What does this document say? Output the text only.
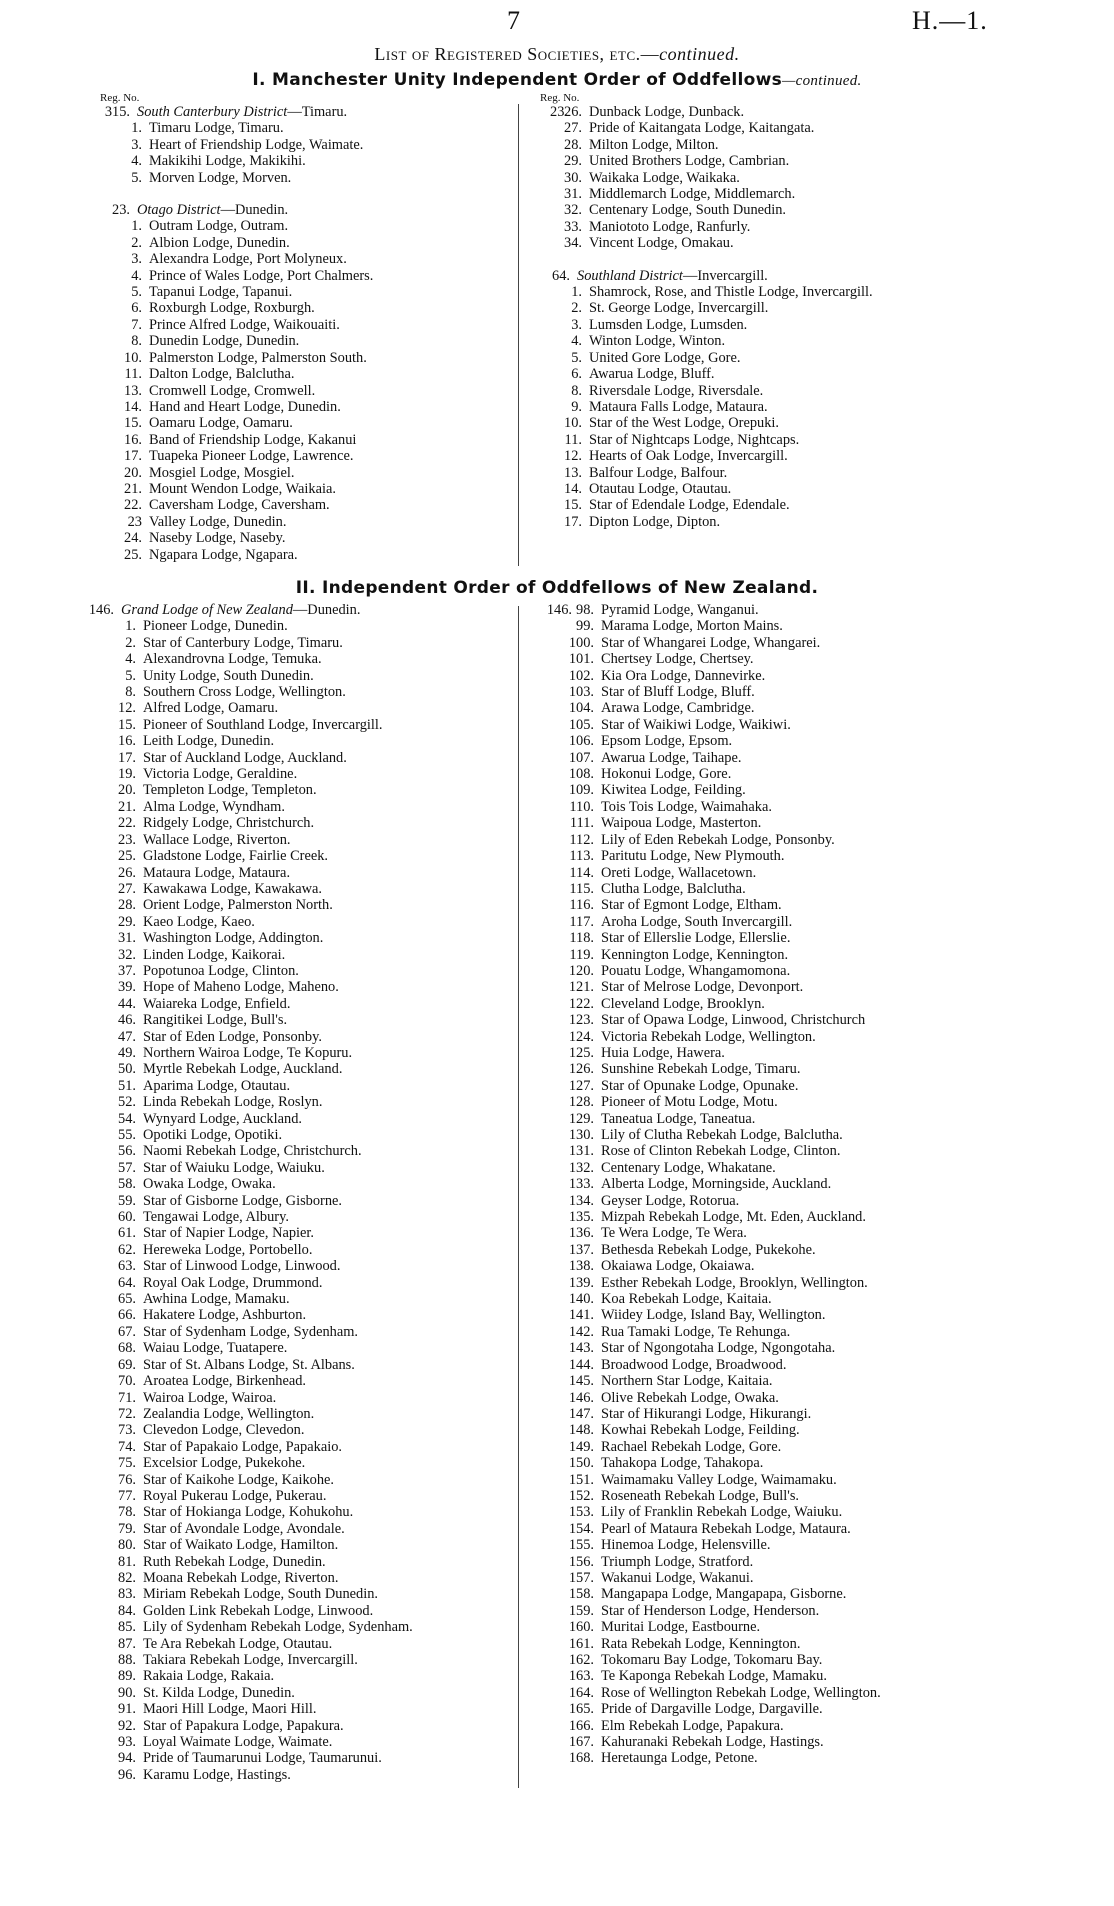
7	H.—1.
List of Registered Societies, etc.—continued.
I. Manchester Unity Independent Order of Oddfellows—continued.
Reg. No.
315. South Canterbury District—Timaru.
1. Timaru Lodge, Timaru.
3. Heart of Friendship Lodge, Waimate.
4. Makikihi Lodge, Makikihi.
5. Morven Lodge, Morven.
23. Otago District—Dunedin.
1. Outram Lodge, Outram.
2. Albion Lodge, Dunedin.
3. Alexandra Lodge, Port Molyneux.
4. Prince of Wales Lodge, Port Chalmers.
5. Tapanui Lodge, Tapanui.
6. Roxburgh Lodge, Roxburgh.
7. Prince Alfred Lodge, Waikouaiti.
8. Dunedin Lodge, Dunedin.
10. Palmerston Lodge, Palmerston South.
11. Dalton Lodge, Balclutha.
13. Cromwell Lodge, Cromwell.
14. Hand and Heart Lodge, Dunedin.
15. Oamaru Lodge, Oamaru.
16. Band of Friendship Lodge, Kakanui
17. Tuapeka Pioneer Lodge, Lawrence.
20. Mosgiel Lodge, Mosgiel.
21. Mount Wendon Lodge, Waikaia.
22. Caversham Lodge, Caversham.
23 Valley Lodge, Dunedin.
24. Naseby Lodge, Naseby.
25. Ngapara Lodge, Ngapara.
Reg. No.
23.
26. Dunback Lodge, Dunback.
27. Pride of Kaitangata Lodge, Kaitangata.
28. Milton Lodge, Milton.
29. United Brothers Lodge, Cambrian.
30. Waikaka Lodge, Waikaka.
31. Middlemarch Lodge, Middlemarch.
32. Centenary Lodge, South Dunedin.
33. Maniototo Lodge, Ranfurly.
34. Vincent Lodge, Omakau.
64. Southland District—Invercargill.
1. Shamrock, Rose, and Thistle Lodge, Invercargill.
2. St. George Lodge, Invercargill.
3. Lumsden Lodge, Lumsden.
4. Winton Lodge, Winton.
5. United Gore Lodge, Gore.
6. Awarua Lodge, Bluff.
8. Riversdale Lodge, Riversdale.
9. Mataura Falls Lodge, Mataura.
10. Star of the West Lodge, Orepuki.
11. Star of Nightcaps Lodge, Nightcaps.
12. Hearts of Oak Lodge, Invercargill.
13. Balfour Lodge, Balfour.
14. Otautau Lodge, Otautau.
15. Star of Edendale Lodge, Edendale.
17. Dipton Lodge, Dipton.
II. Independent Order of Oddfellows of New Zealand.
146. Grand Lodge of New Zealand—Dunedin.
1. Pioneer Lodge, Dunedin.
2. Star of Canterbury Lodge, Timaru.
4. Alexandrovna Lodge, Temuka.
5. Unity Lodge, South Dunedin.
8. Southern Cross Lodge, Wellington.
12. Alfred Lodge, Oamaru.
15. Pioneer of Southland Lodge, Invercargill.
16. Leith Lodge, Dunedin.
17. Star of Auckland Lodge, Auckland.
19. Victoria Lodge, Geraldine.
20. Templeton Lodge, Templeton.
21. Alma Lodge, Wyndham.
22. Ridgely Lodge, Christchurch.
23. Wallace Lodge, Riverton.
25. Gladstone Lodge, Fairlie Creek.
26. Mataura Lodge, Mataura.
27. Kawakawa Lodge, Kawakawa.
28. Orient Lodge, Palmerston North.
29. Kaeo Lodge, Kaeo.
31. Washington Lodge, Addington.
32. Linden Lodge, Kaikorai.
37. Popotunoa Lodge, Clinton.
39. Hope of Maheno Lodge, Maheno.
44. Waiareka Lodge, Enfield.
46. Rangitikei Lodge, Bull's.
47. Star of Eden Lodge, Ponsonby.
49. Northern Wairoa Lodge, Te Kopuru.
50. Myrtle Rebekah Lodge, Auckland.
51. Aparima Lodge, Otautau.
52. Linda Rebekah Lodge, Roslyn.
54. Wynyard Lodge, Auckland.
55. Opotiki Lodge, Opotiki.
56. Naomi Rebekah Lodge, Christchurch.
57. Star of Waiuku Lodge, Waiuku.
58. Owaka Lodge, Owaka.
59. Star of Gisborne Lodge, Gisborne.
60. Tengawai Lodge, Albury.
61. Star of Napier Lodge, Napier.
62. Hereweka Lodge, Portobello.
63. Star of Linwood Lodge, Linwood.
64. Royal Oak Lodge, Drummond.
65. Awhina Lodge, Mamaku.
66. Hakatere Lodge, Ashburton.
67. Star of Sydenham Lodge, Sydenham.
68. Waiau Lodge, Tuatapere.
69. Star of St. Albans Lodge, St. Albans.
70. Aroatea Lodge, Birkenhead.
71. Wairoa Lodge, Wairoa.
72. Zealandia Lodge, Wellington.
73. Clevedon Lodge, Clevedon.
74. Star of Papakaio Lodge, Papakaio.
75. Excelsior Lodge, Pukekohe.
76. Star of Kaikohe Lodge, Kaikohe.
77. Royal Pukerau Lodge, Pukerau.
78. Star of Hokianga Lodge, Kohukohu.
79. Star of Avondale Lodge, Avondale.
80. Star of Waikato Lodge, Hamilton.
81. Ruth Rebekah Lodge, Dunedin.
82. Moana Rebekah Lodge, Riverton.
83. Miriam Rebekah Lodge, South Dunedin.
84. Golden Link Rebekah Lodge, Linwood.
85. Lily of Sydenham Rebekah Lodge, Sydenham.
87. Te Ara Rebekah Lodge, Otautau.
88. Takiara Rebekah Lodge, Invercargill.
89. Rakaia Lodge, Rakaia.
90. St. Kilda Lodge, Dunedin.
91. Maori Hill Lodge, Maori Hill.
92. Star of Papakura Lodge, Papakura.
93. Loyal Waimate Lodge, Waimate.
94. Pride of Taumarunui Lodge, Taumarunui.
96. Karamu Lodge, Hastings.
146. 98. Pyramid Lodge, Wanganui.
99. Marama Lodge, Morton Mains.
100. Star of Whangarei Lodge, Whangarei.
101. Chertsey Lodge, Chertsey.
102. Kia Ora Lodge, Dannevirke.
103. Star of Bluff Lodge, Bluff.
104. Arawa Lodge, Cambridge.
105. Star of Waikiwi Lodge, Waikiwi.
106. Epsom Lodge, Epsom.
107. Awarua Lodge, Taihape.
108. Hokonui Lodge, Gore.
109. Kiwitea Lodge, Feilding.
110. Tois Tois Lodge, Waimahaka.
111. Waipoua Lodge, Masterton.
112. Lily of Eden Rebekah Lodge, Ponsonby.
113. Paritutu Lodge, New Plymouth.
114. Oreti Lodge, Wallacetown.
115. Clutha Lodge, Balclutha.
116. Star of Egmont Lodge, Eltham.
117. Aroha Lodge, South Invercargill.
118. Star of Ellerslie Lodge, Ellerslie.
119. Kennington Lodge, Kennington.
120. Pouatu Lodge, Whangamomona.
121. Star of Melrose Lodge, Devonport.
122. Cleveland Lodge, Brooklyn.
123. Star of Opawa Lodge, Linwood, Christchurch
124. Victoria Rebekah Lodge, Wellington.
125. Huia Lodge, Hawera.
126. Sunshine Rebekah Lodge, Timaru.
127. Star of Opunake Lodge, Opunake.
128. Pioneer of Motu Lodge, Motu.
129. Taneatua Lodge, Taneatua.
130. Lily of Clutha Rebekah Lodge, Balclutha.
131. Rose of Clinton Rebekah Lodge, Clinton.
132. Centenary Lodge, Whakatane.
133. Alberta Lodge, Morningside, Auckland.
134. Geyser Lodge, Rotorua.
135. Mizpah Rebekah Lodge, Mt. Eden, Auckland.
136. Te Wera Lodge, Te Wera.
137. Bethesda Rebekah Lodge, Pukekohe.
138. Okaiawa Lodge, Okaiawa.
139. Esther Rebekah Lodge, Brooklyn, Wellington.
140. Koa Rebekah Lodge, Kaitaia.
141. Wiidey Lodge, Island Bay, Wellington.
142. Rua Tamaki Lodge, Te Rehunga.
143. Star of Ngongotaha Lodge, Ngongotaha.
144. Broadwood Lodge, Broadwood.
145. Northern Star Lodge, Kaitaia.
146. Olive Rebekah Lodge, Owaka.
147. Star of Hikurangi Lodge, Hikurangi.
148. Kowhai Rebekah Lodge, Feilding.
149. Rachael Rebekah Lodge, Gore.
150. Tahakopa Lodge, Tahakopa.
151. Waimamaku Valley Lodge, Waimamaku.
152. Roseneath Rebekah Lodge, Bull's.
153. Lily of Franklin Rebekah Lodge, Waiuku.
154. Pearl of Mataura Rebekah Lodge, Mataura.
155. Hinemoa Lodge, Helensville.
156. Triumph Lodge, Stratford.
157. Wakanui Lodge, Wakanui.
158. Mangapapa Lodge, Mangapapa, Gisborne.
159. Star of Henderson Lodge, Henderson.
160. Muritai Lodge, Eastbourne.
161. Rata Rebekah Lodge, Kennington.
162. Tokomaru Bay Lodge, Tokomaru Bay.
163. Te Kaponga Rebekah Lodge, Mamaku.
164. Rose of Wellington Rebekah Lodge, Wellington.
165. Pride of Dargaville Lodge, Dargaville.
166. Elm Rebekah Lodge, Papakura.
167. Kahuranaki Rebekah Lodge, Hastings.
168. Heretaunga Lodge, Petone.
